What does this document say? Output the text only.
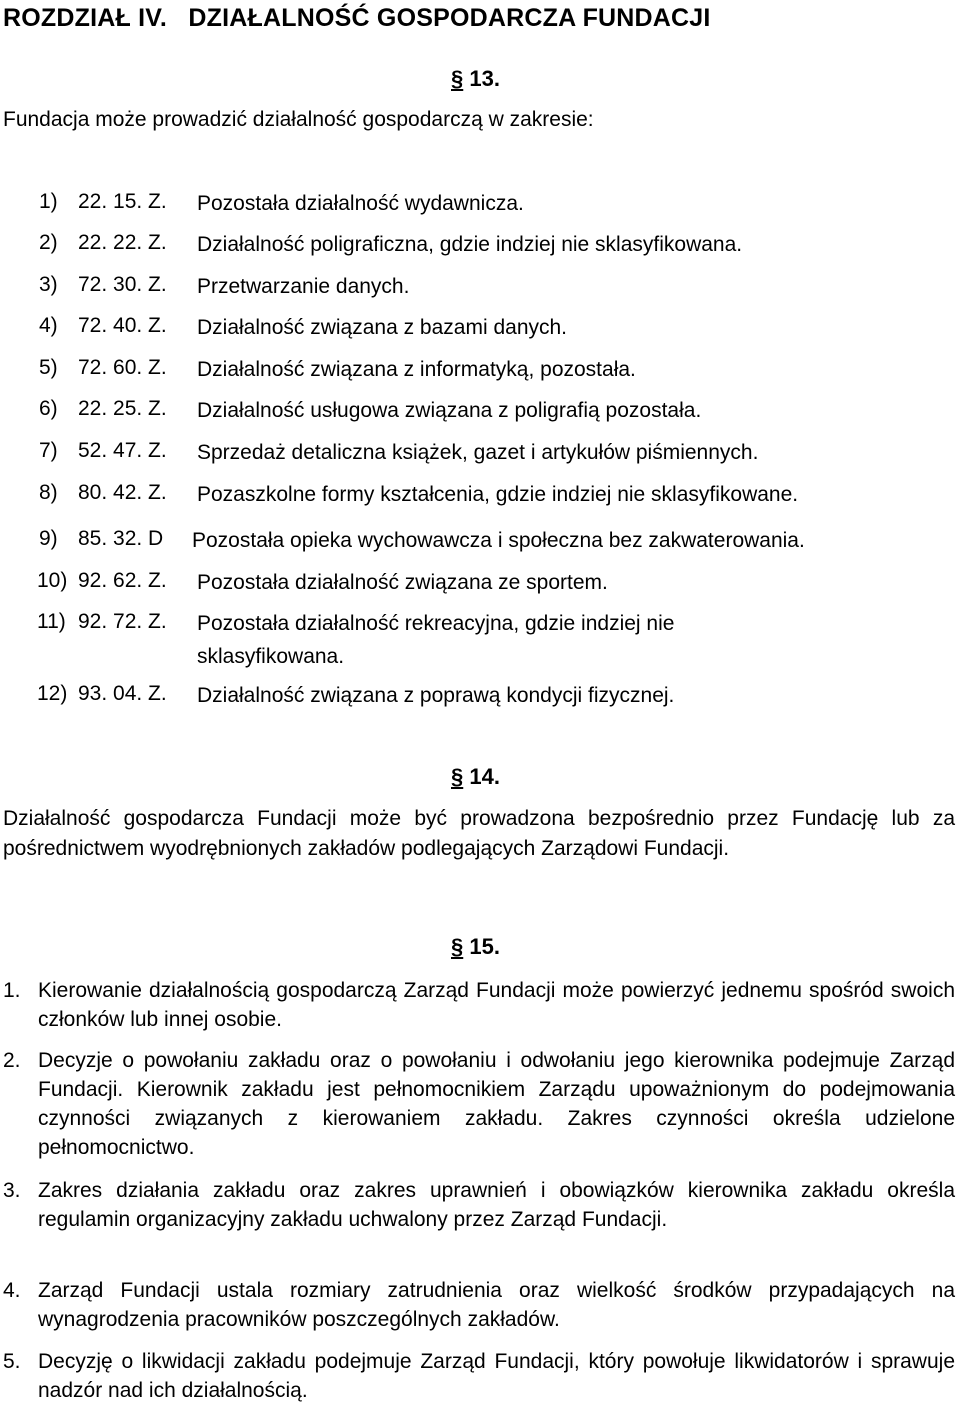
ROZDZIAŁ IV.   DZIAŁALNOŚĆ GOSPODARCZA FUNDACJI
§ 13.
Fundacja może prowadzić działalność gospodarczą w zakresie:
1) 22. 15. Z. Pozostała działalność wydawnicza.
2) 22. 22. Z. Działalność poligraficzna, gdzie indziej nie sklasyfikowana.
3) 72. 30. Z. Przetwarzanie danych.
4) 72. 40. Z. Działalność związana z bazami danych.
5) 72. 60. Z. Działalność związana z informatyką, pozostała.
6) 22. 25. Z. Działalność usługowa związana z poligrafią pozostała.
7) 52. 47. Z. Sprzedaż detaliczna książek, gazet i artykułów piśmiennych.
8) 80. 42. Z. Pozaszkolne formy kształcenia, gdzie indziej nie sklasyfikowane.
9) 85. 32. D Pozostała opieka wychowawcza i społeczna bez zakwaterowania.
10) 92. 62. Z. Pozostała działalność związana ze sportem.
11) 92. 72. Z. Pozostała działalność rekreacyjna, gdzie indziej nie sklasyfikowana.
12) 93. 04. Z. Działalność związana z poprawą kondycji fizycznej.
§ 14.

Działalność gospodarcza Fundacji może być prowadzona bezpośrednio przez Fundację lub za pośrednictwem wyodrębnionych zakładów podlegających Zarządowi Fundacji.

§ 15.
1. Kierowanie działalnością gospodarczą Zarząd Fundacji może powierzyć jednemu spośród swoich członków lub innej osobie.

2. Decyzje o powołaniu zakładu oraz o powołaniu i odwołaniu jego kierownika podejmuje Zarząd Fundacji. Kierownik zakładu jest pełnomocnikiem Zarządu upoważnionym do podejmowania czynności związanych z kierowaniem zakładu. Zakres czynności określa udzielone pełnomocnictwo.

3. Zakres działania zakładu oraz zakres uprawnień i obowiązków kierownika zakładu określa regulamin organizacyjny zakładu uchwalony przez Zarząd Fundacji.

4. Zarząd Fundacji ustala rozmiary zatrudnienia oraz wielkość środków przypadających na wynagrodzenia pracowników poszczególnych zakładów.

5. Decyzję o likwidacji zakładu podejmuje Zarząd Fundacji, który powołuje likwidatorów i sprawuje nadzór nad ich działalnością.
